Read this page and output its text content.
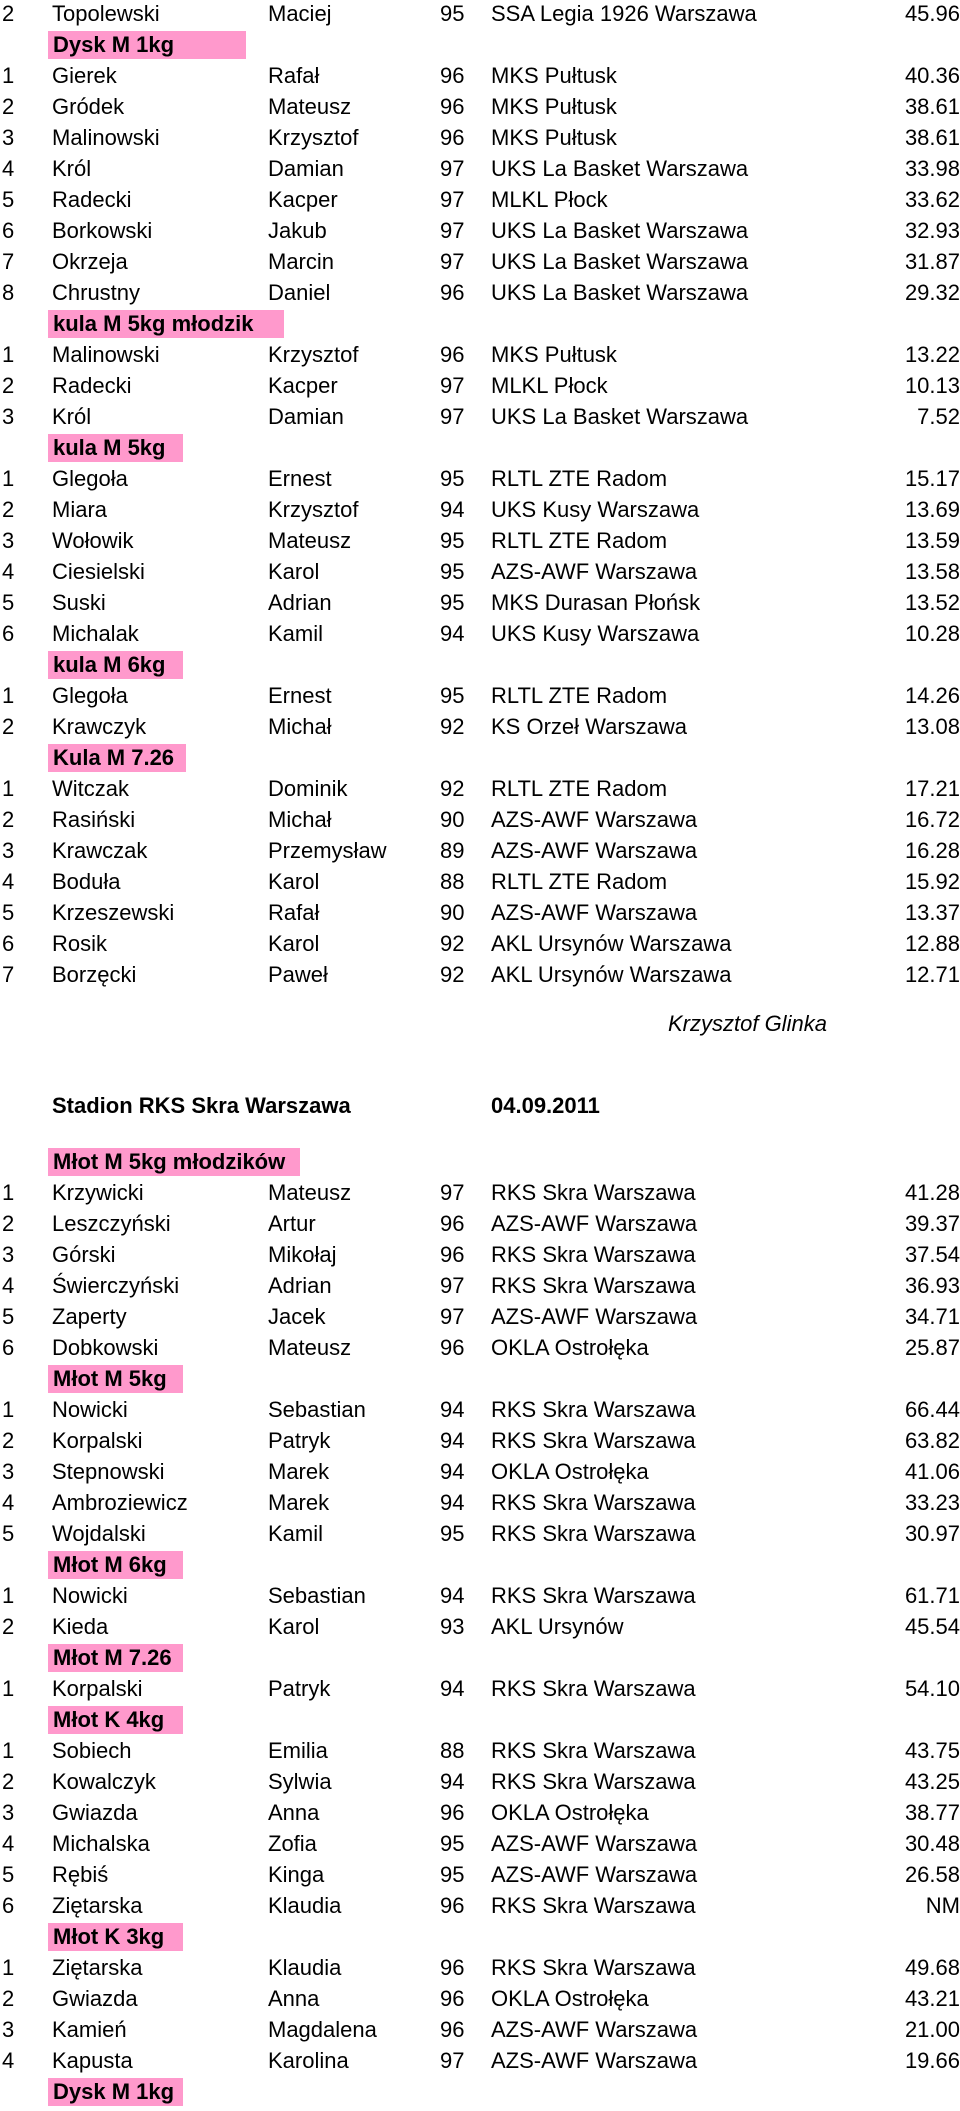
Krzysztof Glinka
Stadion RKS Skra Warszawa	04.09.2011
2 Topolewski	Maciej	95 SSA Legia 1926 Warszawa	45.96
Dysk M 1kg
1 Gierek	Rafał	96 MKS Pułtusk	40.36
2 Gródek	Mateusz	96 MKS Pułtusk	38.61
3 Malinowski	Krzysztof	96 MKS Pułtusk	38.61
4 Król	Damian	97 UKS La Basket Warszawa	33.98
5 Radecki	Kacper	97 MLKL Płock	33.62
6 Borkowski	Jakub	97 UKS La Basket Warszawa	32.93
7 Okrzeja	Marcin	97 UKS La Basket Warszawa	31.87
8 Chrustny	Daniel	96 UKS La Basket Warszawa	29.32
kula M 5kg młodzik
1 Malinowski	Krzysztof	96 MKS Pułtusk	13.22
2 Radecki	Kacper	97 MLKL Płock	10.13
3 Król	Damian	97 UKS La Basket Warszawa	7.52
kula M 5kg
1 Glegoła	Ernest	95 RLTL ZTE Radom	15.17
2 Miara	Krzysztof	94 UKS Kusy Warszawa	13.69
3 Wołowik	Mateusz	95 RLTL ZTE Radom	13.59
4 Ciesielski	Karol	95 AZS-AWF Warszawa	13.58
5 Suski	Adrian	95 MKS Durasan Płońsk	13.52
6 Michalak	Kamil	94 UKS Kusy Warszawa	10.28
kula M 6kg
1 Glegoła	Ernest	95 RLTL ZTE Radom	14.26
2 Krawczyk	Michał	92 KS Orzeł Warszawa	13.08
Kula M 7.26
1 Witczak	Dominik	92 RLTL ZTE Radom	17.21
2 Rasiński	Michał	90 AZS-AWF Warszawa	16.72
3 Krawczak	Przemysław 89 AZS-AWF Warszawa	16.28
4 Boduła	Karol	88 RLTL ZTE Radom	15.92
5 Krzeszewski	Rafał	90 AZS-AWF Warszawa	13.37
6 Rosik	Karol	92 AKL Ursynów Warszawa	12.88
7 Borzęcki	Paweł	92 AKL Ursynów Warszawa	12.71
Młot M 5kg młodzików
1 Krzywicki	Mateusz	97 RKS Skra Warszawa	41.28
2 Leszczyński	Artur	96 AZS-AWF Warszawa	39.37
3 Górski	Mikołaj	96 RKS Skra Warszawa	37.54
4 Świerczyński	Adrian	97 RKS Skra Warszawa	36.93
5 Zaperty	Jacek	97 AZS-AWF Warszawa	34.71
6 Dobkowski	Mateusz	96 OKLA Ostrołęka	25.87
Młot M 5kg
1 Nowicki	Sebastian	94 RKS Skra Warszawa	66.44
2 Korpalski	Patryk	94 RKS Skra Warszawa	63.82
3 Stepnowski	Marek	94 OKLA Ostrołęka	41.06
4 Ambroziewicz	Marek	94 RKS Skra Warszawa	33.23
5 Wojdalski	Kamil	95 RKS Skra Warszawa	30.97
Młot M 6kg
1 Nowicki	Sebastian	94 RKS Skra Warszawa	61.71
2 Kieda	Karol	93 AKL Ursynów	45.54
Młot M 7.26
1 Korpalski	Patryk	94 RKS Skra Warszawa	54.10
Młot K 4kg
1 Sobiech	Emilia	88 RKS Skra Warszawa	43.75
2 Kowalczyk	Sylwia	94 RKS Skra Warszawa	43.25
3 Gwiazda	Anna	96 OKLA Ostrołęka	38.77
4 Michalska	Zofia	95 AZS-AWF Warszawa	30.48
5 Rębiś	Kinga	95 AZS-AWF Warszawa	26.58
6 Ziętarska	Klaudia	96 RKS Skra Warszawa	NM
Młot K 3kg
1 Ziętarska	Klaudia	96 RKS Skra Warszawa	49.68
2 Gwiazda	Anna	96 OKLA Ostrołęka	43.21
3 Kamień	Magdalena	96 AZS-AWF Warszawa	21.00
4 Kapusta	Karolina	97 AZS-AWF Warszawa	19.66
Dysk M 1kg
